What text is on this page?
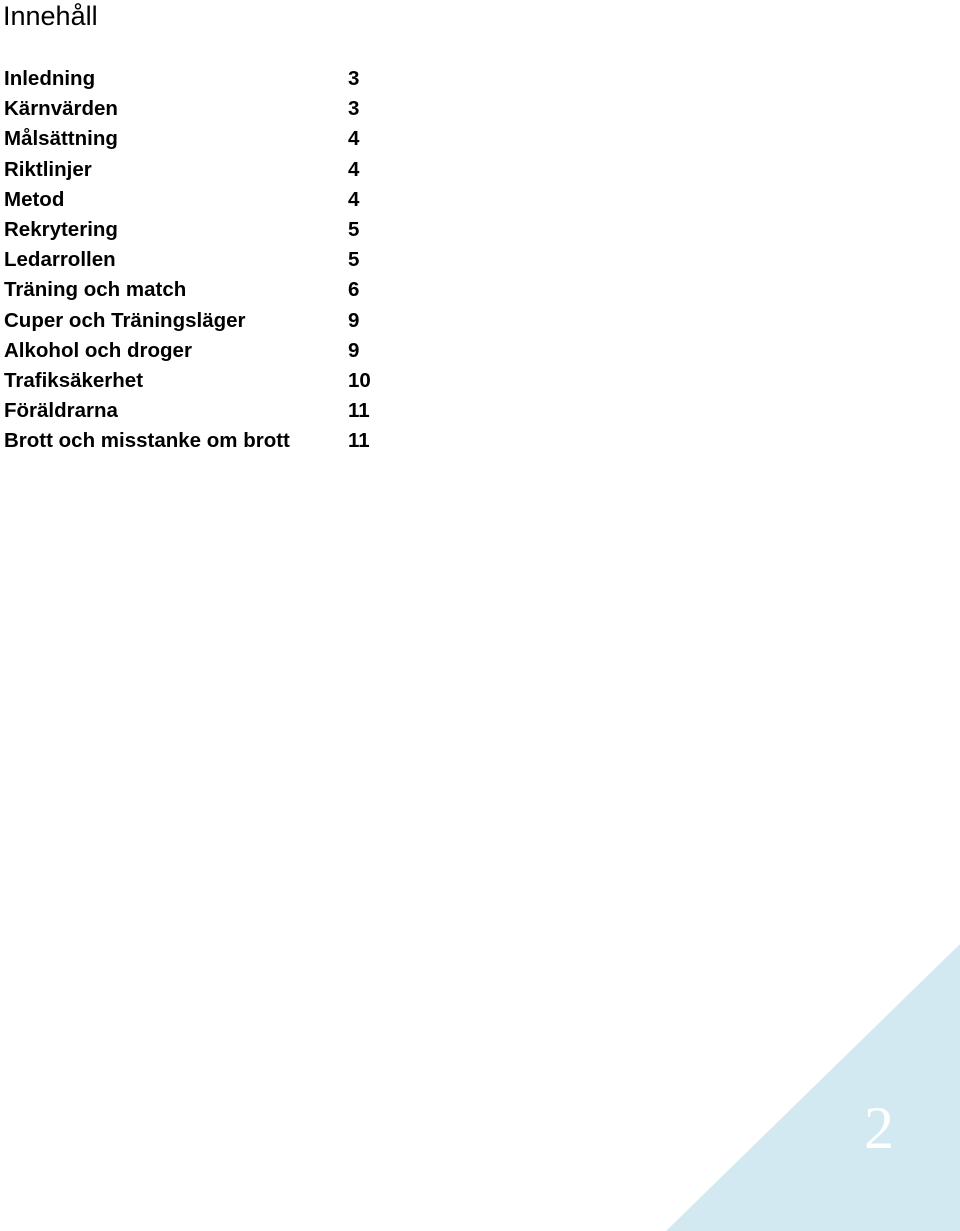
Innehåll
Inledning	3
Kärnvärden	3
Målsättning	4
Riktlinjer	4
Metod	4
Rekrytering	5
Ledarrollen	5
Träning och match	6
Cuper och Träningsläger	9
Alkohol och droger	9
Trafiksäkerhet	10
Föräldrarna	11
Brott och misstanke om brott	11
2
